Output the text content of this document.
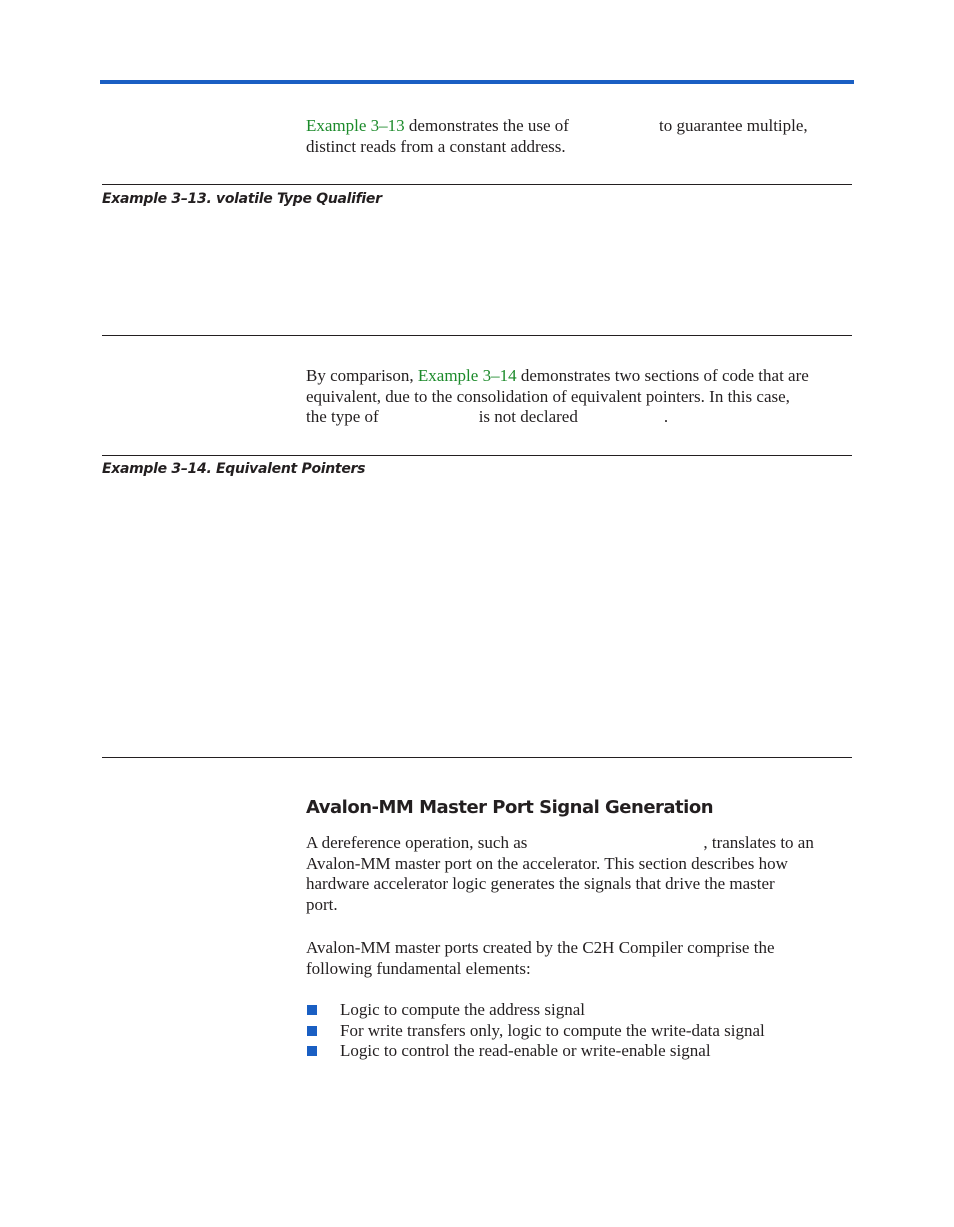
Example 3–13 demonstrates the use of	to guarantee multiple,
distinct reads from a constant address.

Example 3–13. volatile Type Qualifier

By comparison, Example 3–14 demonstrates two sections of code that are
equivalent, due to the consolidation of equivalent pointers. In this case,
the type of	is not declared	.

Example 3–14. Equivalent Pointers

Avalon-MM Master Port Signal Generation

A dereference operation, such as	, translates to an
Avalon-MM master port on the accelerator. This section describes how
hardware accelerator logic generates the signals that drive the master
port.

Avalon-MM master ports created by the C2H Compiler comprise the
following fundamental elements:

Logic to compute the address signal
For write transfers only, logic to compute the write-data signal
Logic to control the read-enable or write-enable signal
